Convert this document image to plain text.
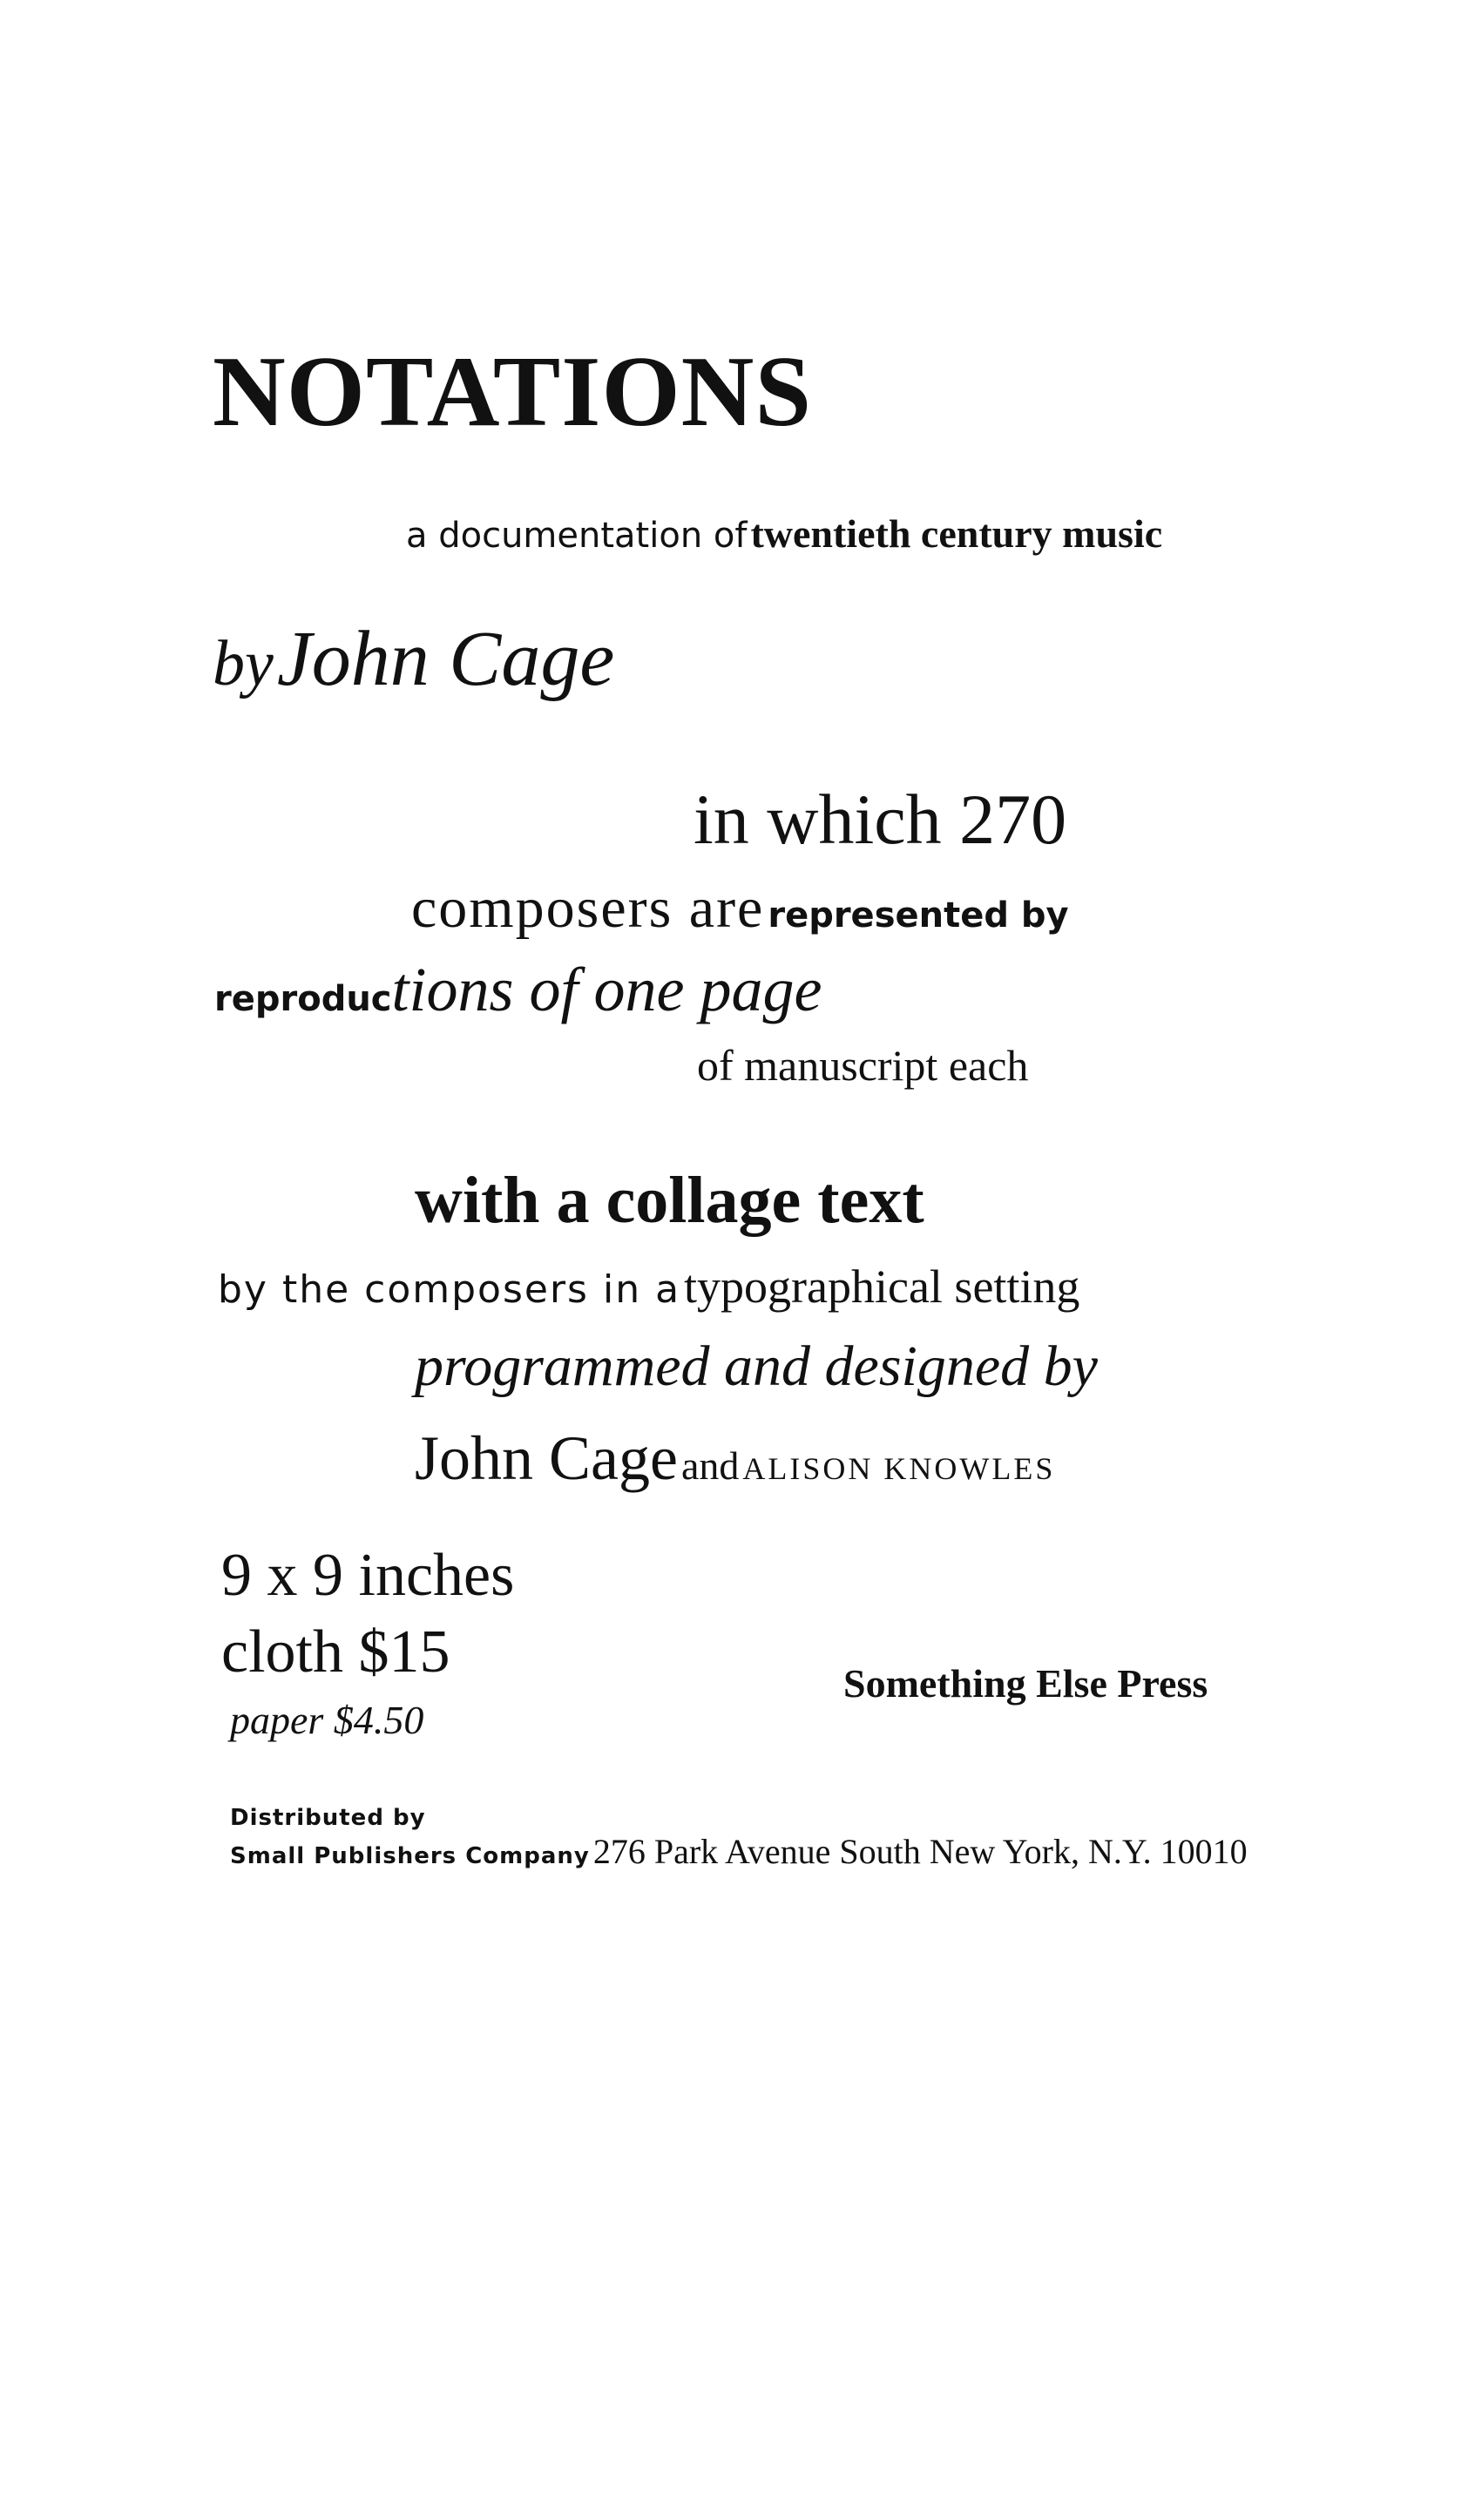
NOTATIONS
a documentation of twentieth century music
by John Cage
in which 270
composers are represented by
reproductions of one page
of manuscript each
with a collage text
by the composers in a typographical setting
programmed and designed by
John Cage and ALISON KNOWLES
9 x 9 inches
cloth $15
paper $4.50
Something Else Press
Distributed by
Small Publishers Company 276 Park Avenue South New York, N.Y. 10010
